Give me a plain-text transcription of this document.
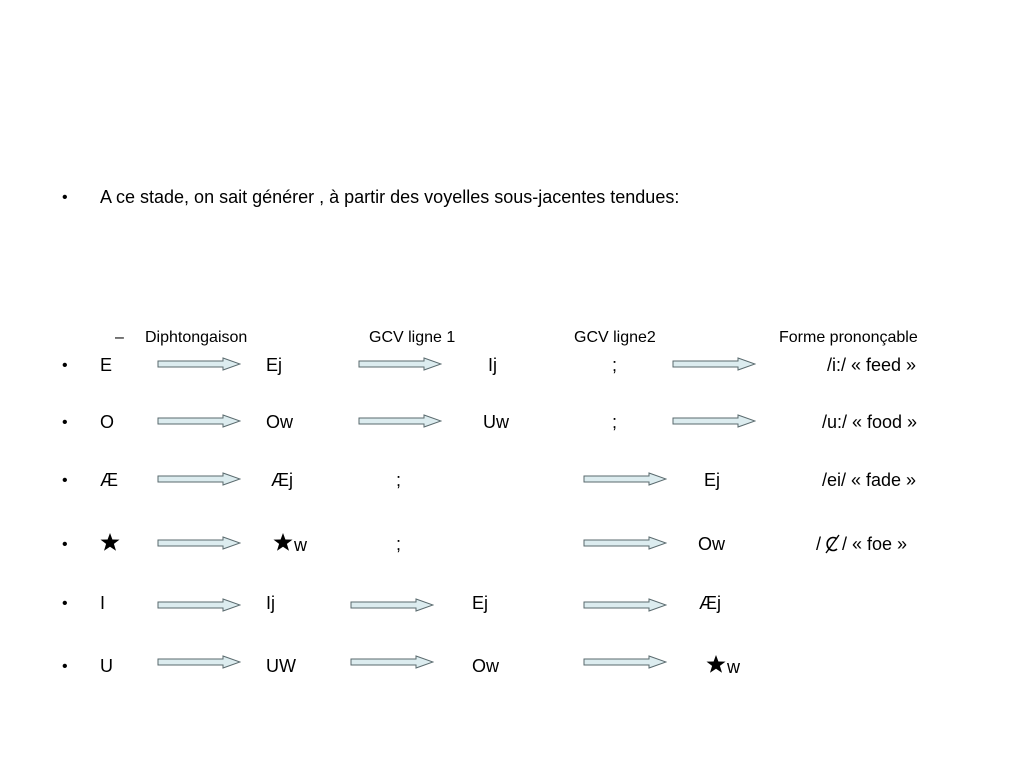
• A ce stade, on sait générer , à partir des voyelles sous-jacentes tendues:
– Diphtongaison	GCV ligne 1	GCV ligne2	Forme prononçable
• E	Ej	Ij	;	/i:/ « feed »
• O	Ow	Uw	;	/u:/ « food »
• Æ	Æj	;	Ej	/ei/ « fade »
•	w	;	Ow	/ / « foe »
• I	Ij	Ej	Æj
• U	UW	Ow	w
